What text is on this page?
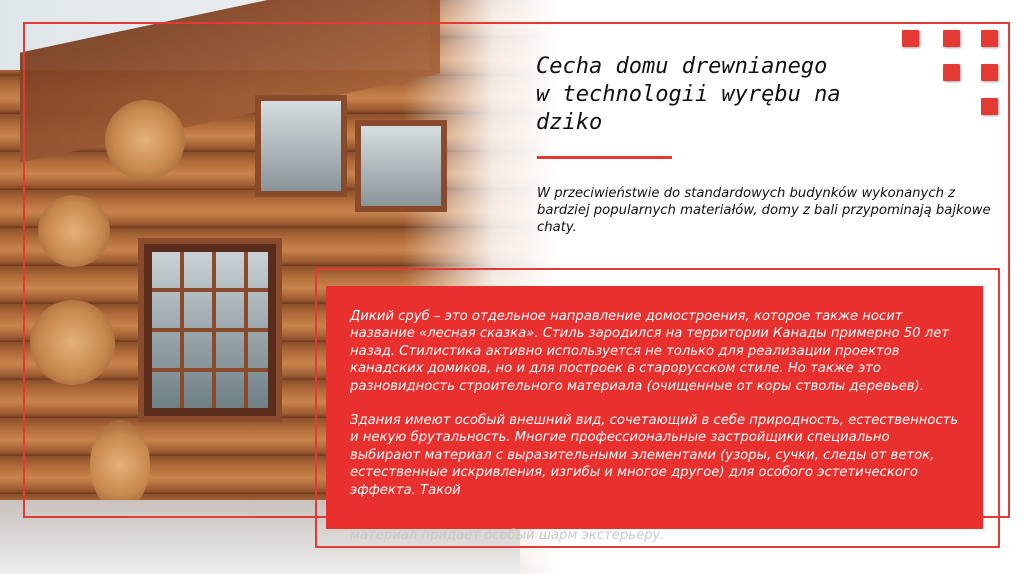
Cecha domu drewnianego
w technologii wyrębu na dziko
W przeciwieństwie do standardowych budynków wykonanych z bardziej popularnych materiałów, domy z bali przypominają bajkowe chaty.

Дикий сруб – это отдельное направление домостроения, которое также носит название «лесная сказка». Стиль зародился на территории Канады примерно 50 лет назад. Стилистика активно используется не только для реализации проектов канадских домиков, но и для построек в старорусском стиле. Но также это разновидность строительного материала (очищенные от коры стволы деревьев).

Здания имеют особый внешний вид, сочетающий в себе природность, естественность и некую брутальность. Многие профессиональные застройщики специально выбирают материал с выразительными элементами (узоры, сучки, следы от веток, естественные искривления, изгибы и многое другое) для особого эстетического эффекта. Такой

материал придает особый шарм экстерьеру.
